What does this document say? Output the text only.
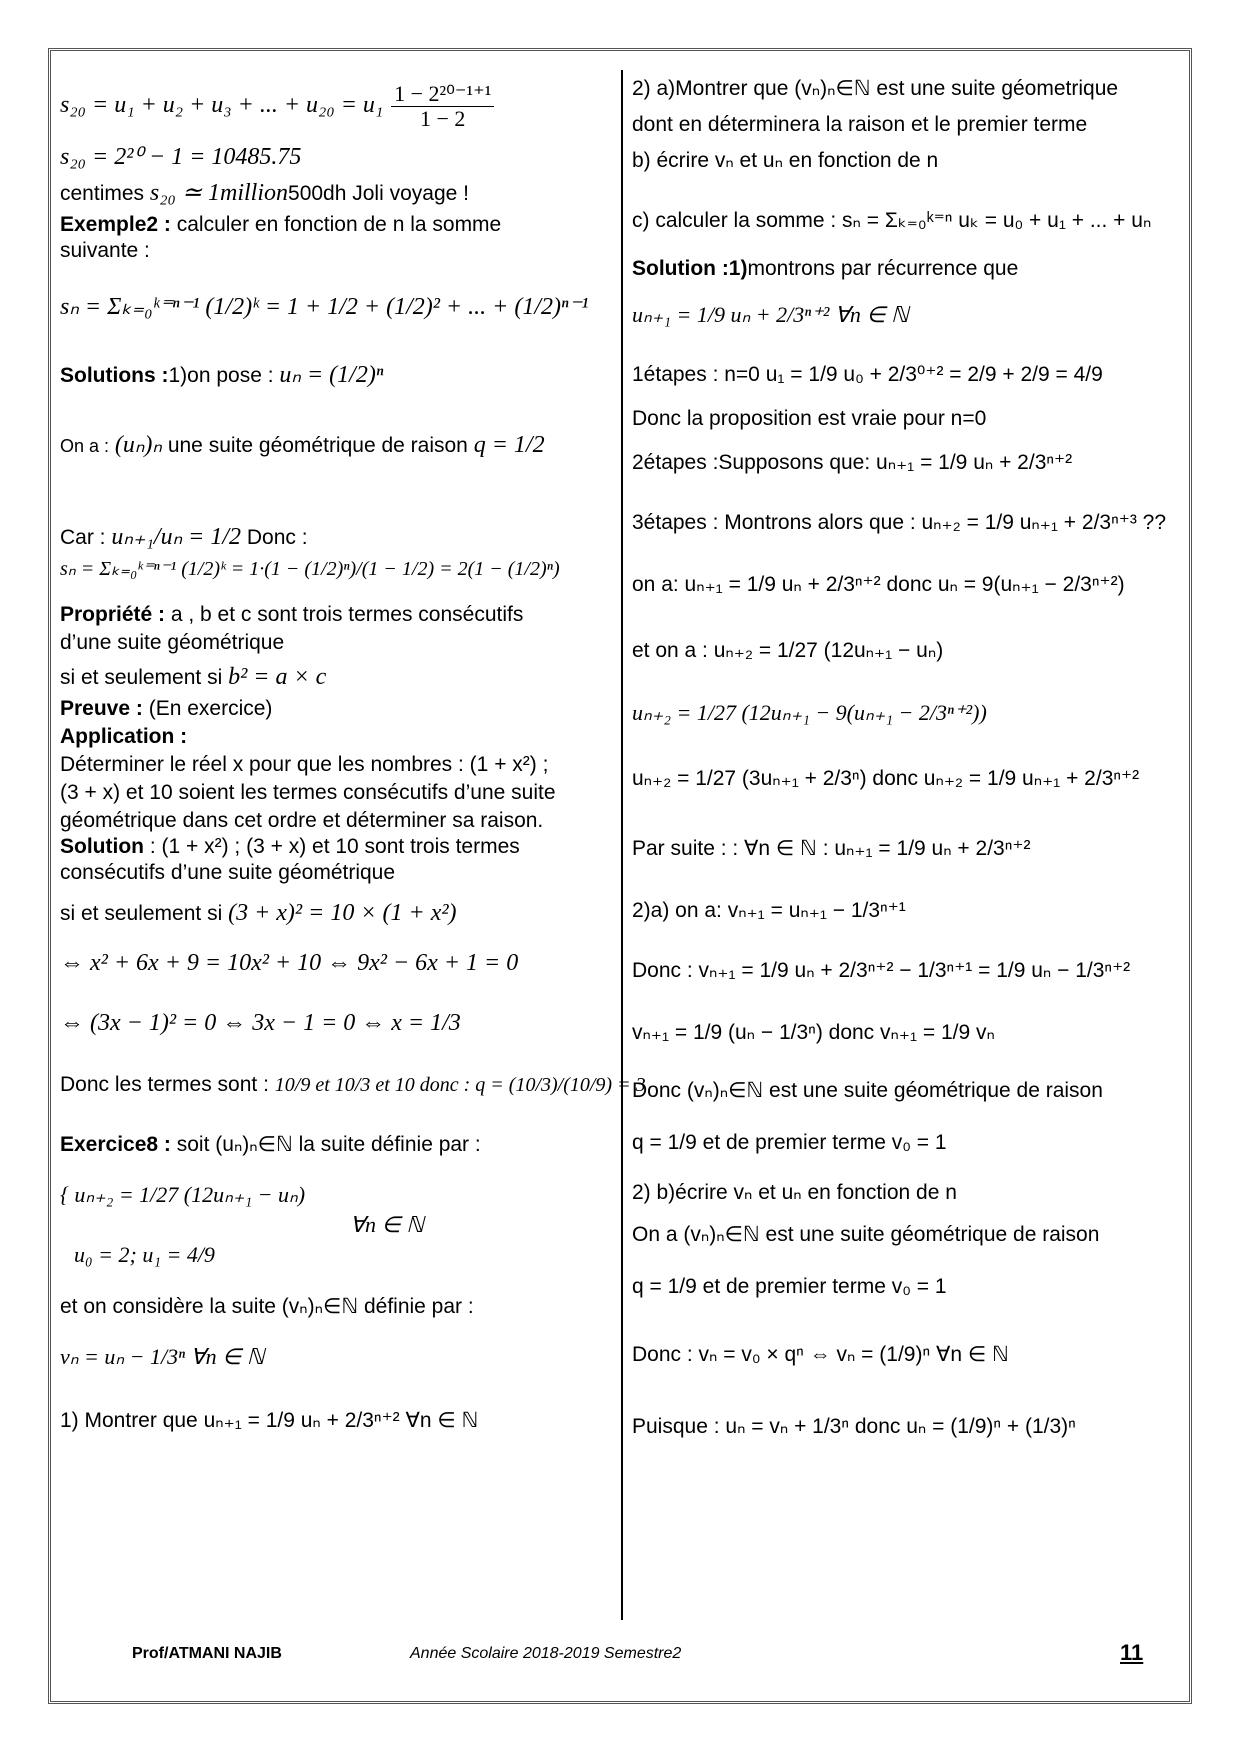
s₂₀ = u₁ + u₂ + u₃ + ... + $u_{20} = u_1 \frac{\text{1 − 2²⁰⁻¹⁺¹}}{1 - 2}$
s₂₀ = 2²⁰ − 1 = 10485.75
centimes s₂₀ ≃ 1million500dh Joli voyage !
Exemple2 : calculer en fonction de n la somme
suivante :
sₙ = Σₖ₌₀ᵏ⁼ⁿ⁻¹ (1/2)ᵏ = 1 + 1/2 + (1/2)² + ... + (1/2)ⁿ⁻¹
Solutions :1)on pose : uₙ = (1/2)ⁿ
On a : (uₙ)ₙ une suite géométrique de raison q = 1/2
Car : uₙ₊₁/uₙ = 1/2 Donc :
sₙ = Σₖ₌₀ᵏ⁼ⁿ⁻¹ (1/2)ᵏ = 1·(1 − (1/2)ⁿ)/(1 − 1/2) = 2(1 − (1/2)ⁿ)
Propriété : a , b et c sont trois termes consécutifs
d’une suite géométrique
si et seulement si b² = a × c
Preuve : (En exercice)
Application :
Déterminer le réel x pour que les nombres : (1 + x²) ;
(3 + x) et 10 soient les termes consécutifs d’une suite
géométrique dans cet ordre et déterminer sa raison.
Solution : (1 + x²) ; (3 + x) et 10 sont trois termes
consécutifs d’une suite géométrique
si et seulement si (3 + x)² = 10 × (1 + x²)
⇔ x² + 6x + 9 = 10x² + 10 ⇔ 9x² − 6x + 1 = 0
⇔ (3x − 1)² = 0 ⇔ 3x − 1 = 0 ⇔ x = 1/3
Donc les termes sont : 10/9 et 10/3 et 10 donc : q = (10/3)/(10/9) = 3
Exercice8 : soit (uₙ)ₙ∈ℕ la suite définie par :
{ uₙ₊₂ = 1/27 (12uₙ₊₁ − uₙ)
∀n ∈ ℕ
u₀ = 2; u₁ = 4/9
et on considère la suite (vₙ)ₙ∈ℕ définie par :
vₙ = uₙ − 1/3ⁿ ∀n ∈ ℕ
1) Montrer que uₙ₊₁ = 1/9 uₙ + 2/3ⁿ⁺² ∀n ∈ ℕ
2) a)Montrer que (vₙ)ₙ∈ℕ est une suite géometrique
dont en déterminera la raison et le premier terme
b) écrire vₙ et uₙ en fonction de n
c) calculer la somme : sₙ = Σₖ₌₀ᵏ⁼ⁿ uₖ = u₀ + u₁ + ... + uₙ
Solution :1)montrons par récurrence que
uₙ₊₁ = 1/9 uₙ + 2/3ⁿ⁺² ∀n ∈ ℕ
1étapes : n=0 u₁ = 1/9 u₀ + 2/3⁰⁺² = 2/9 + 2/9 = 4/9
Donc la proposition est vraie pour n=0
2étapes :Supposons que: uₙ₊₁ = 1/9 uₙ + 2/3ⁿ⁺²
3étapes : Montrons alors que : uₙ₊₂ = 1/9 uₙ₊₁ + 2/3ⁿ⁺³ ??
on a: uₙ₊₁ = 1/9 uₙ + 2/3ⁿ⁺² donc uₙ = 9(uₙ₊₁ − 2/3ⁿ⁺²)
et on a : uₙ₊₂ = 1/27 (12uₙ₊₁ − uₙ)
uₙ₊₂ = 1/27 (12uₙ₊₁ − 9(uₙ₊₁ − 2/3ⁿ⁺²))
uₙ₊₂ = 1/27 (3uₙ₊₁ + 2/3ⁿ) donc uₙ₊₂ = 1/9 uₙ₊₁ + 2/3ⁿ⁺²
Par suite : : ∀n ∈ ℕ : uₙ₊₁ = 1/9 uₙ + 2/3ⁿ⁺²
2)a) on a: vₙ₊₁ = uₙ₊₁ − 1/3ⁿ⁺¹
Donc : vₙ₊₁ = 1/9 uₙ + 2/3ⁿ⁺² − 1/3ⁿ⁺¹ = 1/9 uₙ − 1/3ⁿ⁺²
vₙ₊₁ = 1/9 (uₙ − 1/3ⁿ) donc vₙ₊₁ = 1/9 vₙ
Donc (vₙ)ₙ∈ℕ est une suite géométrique de raison
q = 1/9 et de premier terme v₀ = 1
2) b)écrire vₙ et uₙ en fonction de n
On a (vₙ)ₙ∈ℕ est une suite géométrique de raison
q = 1/9 et de premier terme v₀ = 1
Donc : vₙ = v₀ × qⁿ ⇔ vₙ = (1/9)ⁿ ∀n ∈ ℕ
Puisque : uₙ = vₙ + 1/3ⁿ donc uₙ = (1/9)ⁿ + (1/3)ⁿ
Prof/ATMANI NAJIB	Année Scolaire 2018-2019 Semestre2	11
